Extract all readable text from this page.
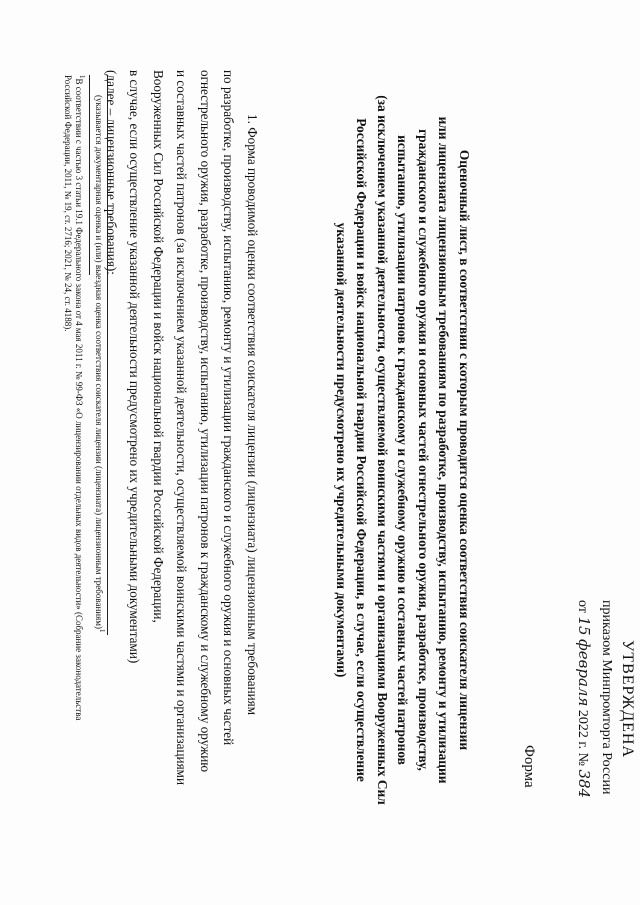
УТВЕРЖДЕНА
приказом Минпромторга России
от 15 февраля 2022 г. № 384
Форма
Оценочный лист, в соответствии с которым проводится оценка соответствия соискателя лицензии
или лицензиата лицензионным требованиям по разработке, производству, испытанию, ремонту и утилизации
гражданского и служебного оружия и основных частей огнестрельного оружия, разработке, производству,
испытанию, утилизации патронов к гражданскому и служебному оружию и составных частей патронов
(за исключением указанной деятельности, осуществляемой воинскими частями и организациями Вооруженных Сил
Российской Федерации и войск национальной гвардии Российской Федерации, в случае, если осуществление
указанной деятельности предусмотрено их учредительными документами)
1. Форма проводимой оценки соответствия соискателя лицензии (лицензиата) лицензионным требованиям
по разработке, производству, испытанию, ремонту и утилизации гражданского и служебного оружия и основных частей
огнестрельного оружия, разработке, производству, испытанию, утилизации патронов к гражданскому и служебному оружию
и составных частей патронов (за исключением указанной деятельности, осуществляемой воинскими частями и организациями
Вооруженных Сил Российской Федерации и войск национальной гвардии Российской Федерации,
в случае, если осуществление указанной деятельности предусмотрено их учредительными документами)
(далее – лицензионные требования):
(указывается документарная оценка и (или) выездная оценка соответствия соискателя лицензии (лицензиата) лицензионным требованиям)$^1$
$^1$В соответствии с частью 3 статьи 19.1 Федерального закона от 4 мая 2011 г. № 99-ФЗ «О лицензировании отдельных видов деятельности» (Собрание законодательства
Российской Федерации, 2011, № 19, ст. 2716; 2021, № 24, ст. 4188).
